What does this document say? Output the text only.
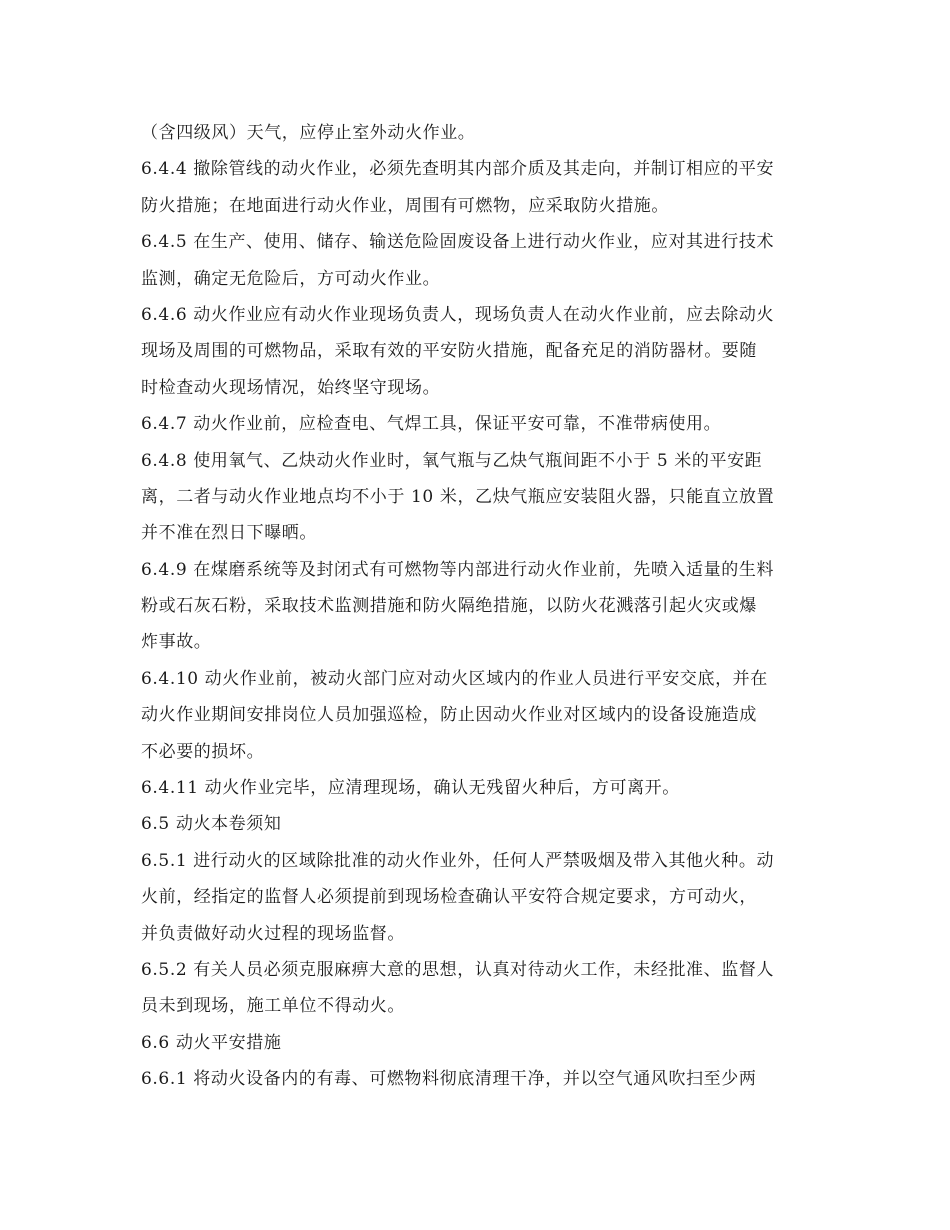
（含四级风）天气，应停止室外动火作业。
6.4.4 撤除管线的动火作业，必须先查明其内部介质及其走向，并制订相应的平安
防火措施；在地面进行动火作业，周围有可燃物，应采取防火措施。
6.4.5 在生产、使用、储存、输送危险固废设备上进行动火作业，应对其进行技术
监测，确定无危险后，方可动火作业。
6.4.6 动火作业应有动火作业现场负责人，现场负责人在动火作业前，应去除动火
现场及周围的可燃物品，采取有效的平安防火措施，配备充足的消防器材。要随
时检查动火现场情况，始终坚守现场。
6.4.7 动火作业前，应检查电、气焊工具，保证平安可靠，不准带病使用。
6.4.8 使用氧气、乙炔动火作业时，氧气瓶与乙炔气瓶间距不小于 5 米的平安距
离，二者与动火作业地点均不小于 10 米，乙炔气瓶应安装阻火器，只能直立放置
并不准在烈日下曝晒。
6.4.9 在煤磨系统等及封闭式有可燃物等内部进行动火作业前，先喷入适量的生料
粉或石灰石粉，采取技术监测措施和防火隔绝措施，以防火花溅落引起火灾或爆
炸事故。
6.4.10 动火作业前，被动火部门应对动火区域内的作业人员进行平安交底，并在
动火作业期间安排岗位人员加强巡检，防止因动火作业对区域内的设备设施造成
不必要的损坏。
6.4.11 动火作业完毕，应清理现场，确认无残留火种后，方可离开。
6.5 动火本卷须知
6.5.1 进行动火的区域除批准的动火作业外，任何人严禁吸烟及带入其他火种。动
火前，经指定的监督人必须提前到现场检查确认平安符合规定要求，方可动火，
并负责做好动火过程的现场监督。
6.5.2 有关人员必须克服麻痹大意的思想，认真对待动火工作，未经批准、监督人
员未到现场，施工单位不得动火。
6.6 动火平安措施
6.6.1 将动火设备内的有毒、可燃物料彻底清理干净，并以空气通风吹扫至少两
